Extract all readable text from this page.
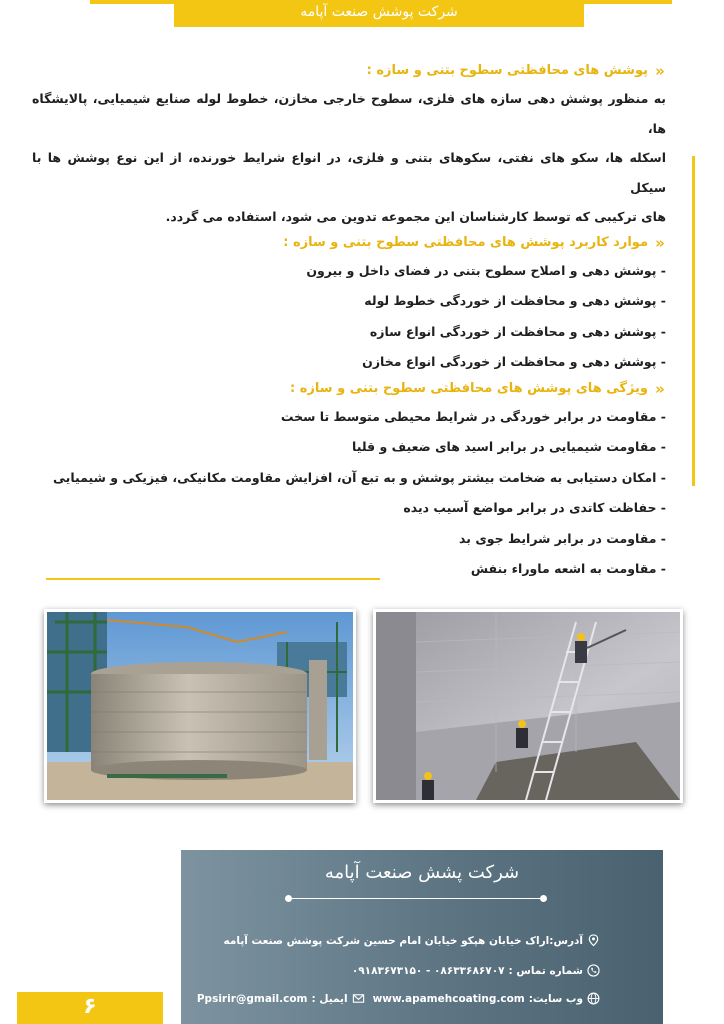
شرکت پوشش صنعت آپامه
«
پوشش های محافظتی سطوح بتنی و سازه :
به منظور پوشش دهی سازه های فلزی، سطوح خارجی مخازن، خطوط لوله صنایع شیمیایی، پالایشگاه ها،
اسکله ها، سکو های نفتی، سکوهای بتنی و فلزی، در انواع شرایط خورنده، از این نوع پوشش ها با سیکل
های ترکیبی که توسط کارشناسان این مجموعه تدوین می شود، استفاده می گردد.
«
موارد کاربرد پوشش های محافظتی سطوح بتنی و سازه :
- پوشش دهی و اصلاح سطوح بتنی در فضای داخل و بیرون
- پوشش دهی و محافظت از خوردگی خطوط لوله
- پوشش دهی و محافظت از خوردگی انواع سازه
- پوشش دهی و محافظت از خوردگی انواع مخازن
«
ویژگی های پوشش های محافظتی سطوح بتنی و سازه :
- مقاومت در برابر خوردگی در شرایط محیطی متوسط تا سخت
- مقاومت شیمیایی در برابر اسید های ضعیف و قلیا
- امکان دستیابی به ضخامت بیشتر پوشش و به تبع آن، افزایش مقاومت مکانیکی، فیزیکی و شیمیایی
- حفاظت کاتدی در برابر مواضع آسیب دیده
- مقاومت در برابر شرایط جوی بد
- مقاومت به اشعه ماوراء بنفش
شرکت پشش صنعت آپامه
آدرس:اراک خیابان هپکو خیابان امام حسین شرکت پوشش صنعت آپامه
شماره تماس :
۰۸۶۳۳۶۸۶۷۰۷ - ۰۹۱۸۳۶۷۳۱۵۰
وب سایت:
www.apamehcoating.com
ایمیل :
Ppsirir@gmail.com
۶
